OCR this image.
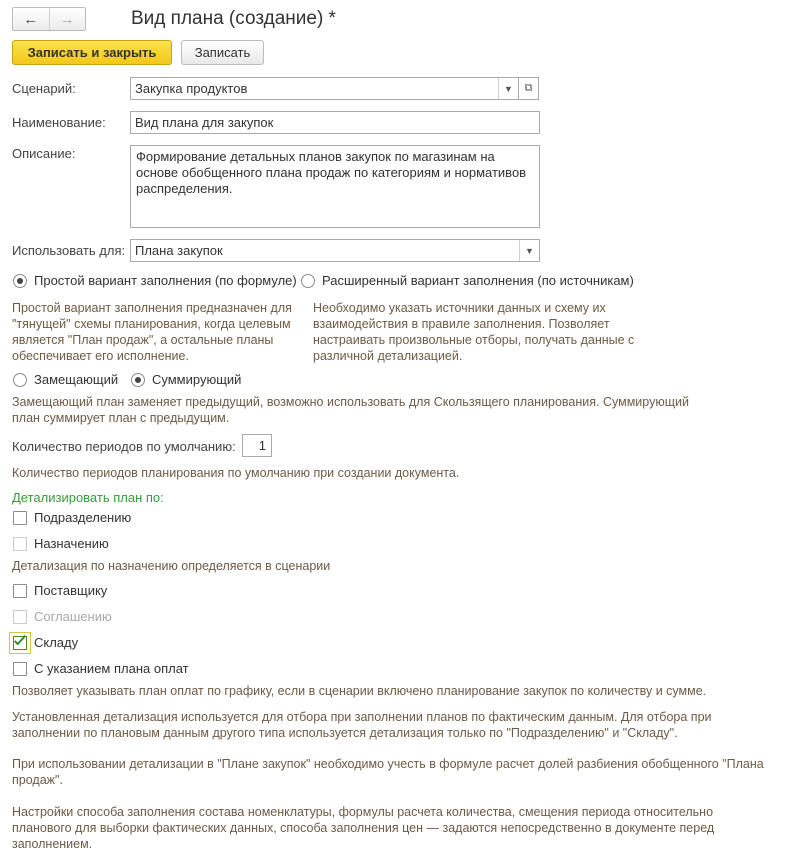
← →	Вид плана (создание) *
Записать и закрыть	Записать
Сценарий:	Закупка продуктов	▼	⧉
Наименование: Вид плана для закупок
Описание:	Формирование детальных планов закупок по магазинам на основе обобщенного плана продаж по категориям и нормативов распределения.
Использовать для: Плана закупок	▼
Простой вариант заполнения (по формуле) Расширенный вариант заполнения (по источникам)
Простой вариант заполнения предназначен для "тянущей" схемы планирования, когда целевым является "План продаж", а остальные планы обеспечивает его исполнение.
Необходимо указать источники данных и схему их взаимодействия в правиле заполнения. Позволяет настраивать произвольные отборы, получать данные с различной детализацией.
Замещающий	Суммирующий
Замещающий план заменяет предыдущий, возможно использовать для Скользящего планирования. Суммирующий план суммирует план с предыдущим.
Количество периодов по умолчанию:	1
Количество периодов планирования по умолчанию при создании документа.
Детализировать план по:
Подразделению
Назначению
Детализация по назначению определяется в сценарии
Поставщику
Соглашению
Складу
С указанием плана оплат
Позволяет указывать план оплат по графику, если в сценарии включено планирование закупок по количеству и сумме.
Установленная детализация используется для отбора при заполнении планов по фактическим данным. Для отбора при заполнении по плановым данным другого типа используется детализация только по "Подразделению" и "Складу".
При использовании детализации в "Плане закупок" необходимо учесть в формуле расчет долей разбиения обобщенного "Плана продаж".
Настройки способа заполнения состава номенклатуры, формулы расчета количества, смещения периода относительно планового для выборки фактических данных, способа заполнения цен — задаются непосредственно в документе перед заполнением.
